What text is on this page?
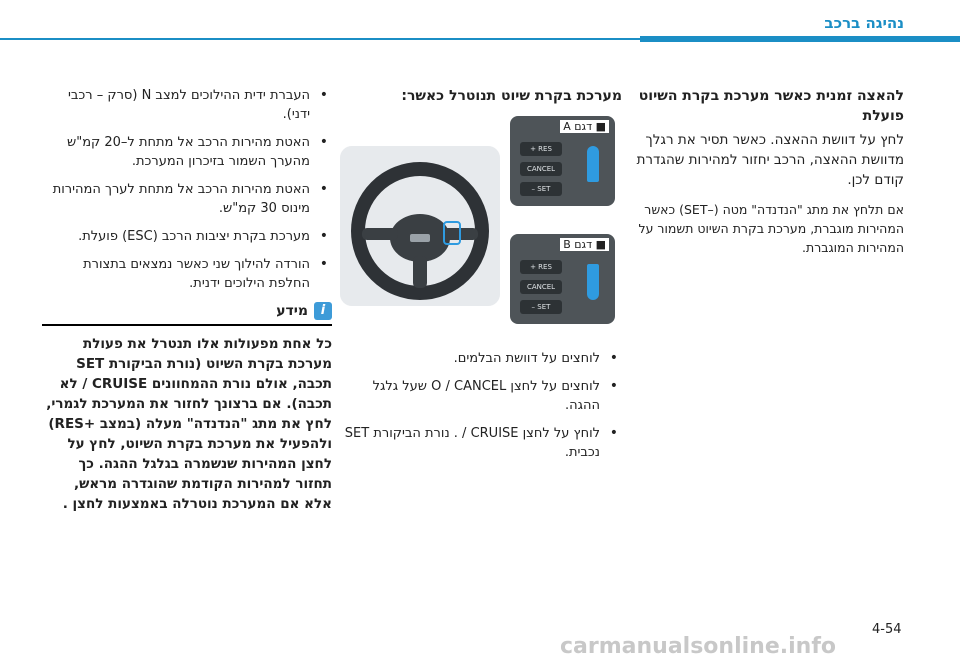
נהיגה ברכב
להאצה זמנית כאשר מערכת בקרת השיוט פועלת

לחץ על דוושת ההאצה. כאשר תסיר את רגלך מדוושת ההאצה, הרכב יחזור למהירות שהגדרת קודם לכן.

אם תלחץ את מתג "הנדנדה" מטה (–SET) כאשר המהירות מוגברת, מערכת בקרת השיוט תשמור על המהירות המוגברת.

מערכת בקרת שיוט תנוטרל כאשר:
■ דגם A
RES +
CANCEL
SET –
■ דגם B
RES +
CANCEL
SET –
• לוחצים על דוושת הבלמים.
• לוחצים על לחצן O / CANCEL שעל גלגל ההגה.
• לוחץ על לחצן CRUISE / . נורת הביקורת SET נכבית.
• העברת ידית ההילוכים למצב N (סרק – רכבי ידני).
• האטת מהירות הרכב אל מתחת ל–20 קמ"ש מהערך השמור בזיכרון המערכת.
• האטת מהירות הרכב אל מתחת לערך המהירות מינוס 30 קמ"ש.
• מערכת בקרת יציבות הרכב (ESC) פועלת.
• הורדה להילוך שני כאשר נמצאים בתצורת החלפת הילוכים ידנית.
i
מידע

כל אחת מפעולות אלו תנטרל את פעולת מערכת בקרת השיוט (נורת הביקורת SET תכבה, אולם נורת ההמחוונים CRUISE / לא תכבה). אם ברצונך לחזור את המערכת לגמרי, לחץ את מתג "הנדנדה" מעלה (במצב +RES) ולהפעיל את מערכת בקרת השיוט, לחץ על לחצן המהירות שנשמרה בגלגל ההגה. כך תחזור למהירות הקודמת שהוגדרה מראש, אלא אם המערכת נוטרלה באמצעות לחצן .

4-54
carmanualsonline.info
